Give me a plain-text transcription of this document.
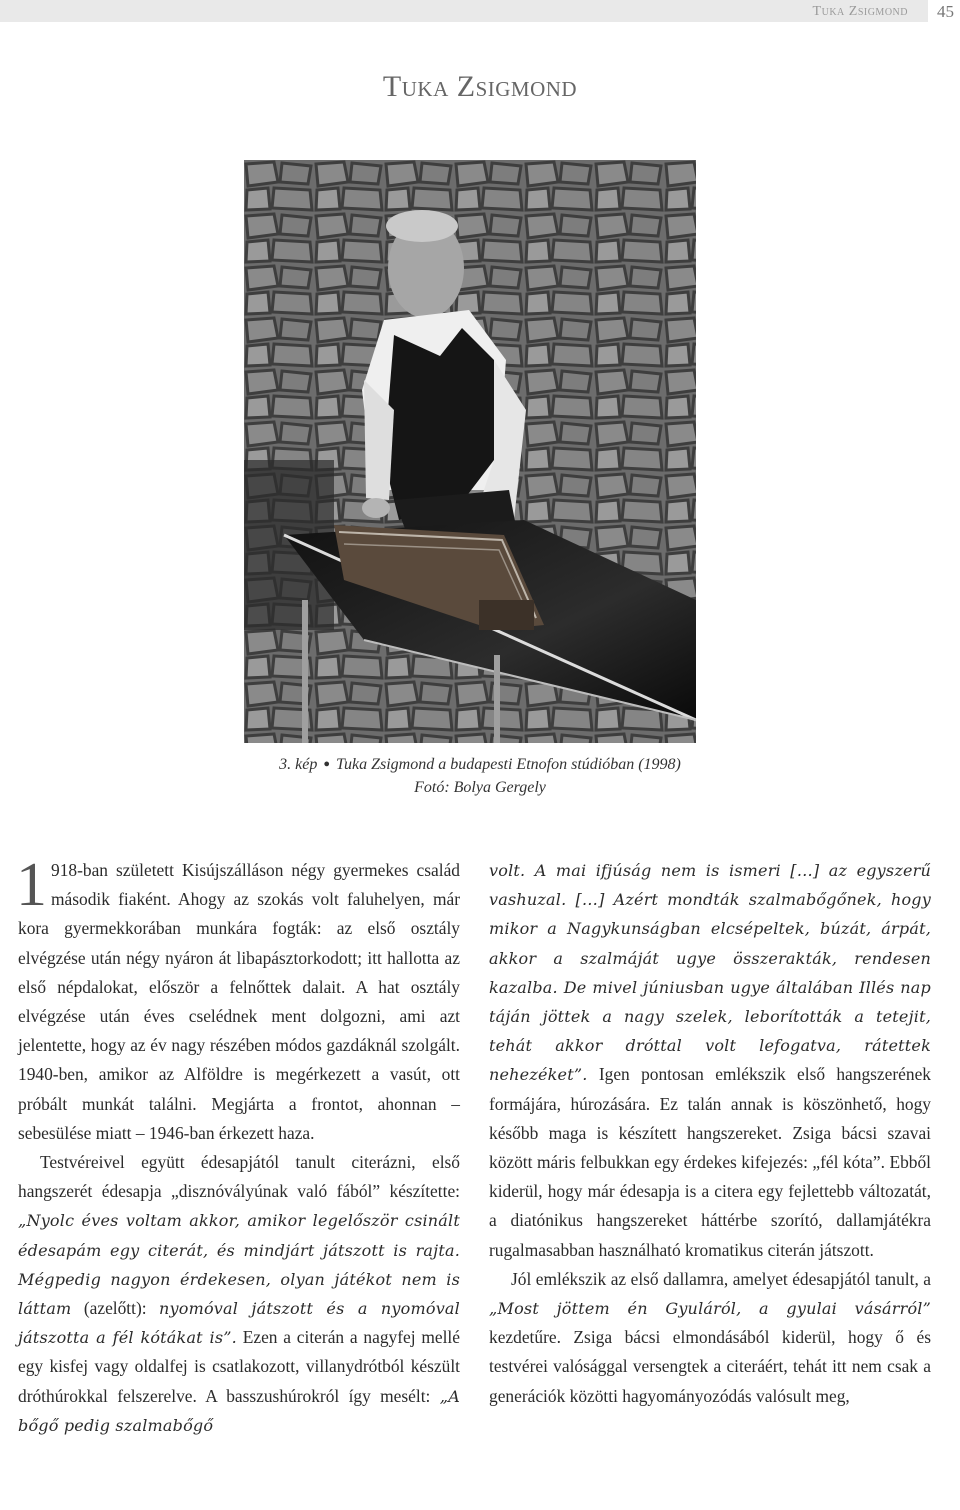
Tuka Zsigmond 45
Tuka Zsigmond
3. kép ● Tuka Zsigmond a budapesti Etnofon stúdióban (1998)
Fotó: Bolya Gergely

1 918-ban született Kisújszálláson négy gyermekes család második fiaként. Ahogy az szokás volt faluhelyen, már kora gyermekkorában munkára fogták: az első osztály elvégzése után négy nyáron át libapásztorkodott; itt hallotta az első népdalokat, először a felnőttek dalait. A hat osztály elvégzése után éves cselédnek ment dolgozni, ami azt jelentette, hogy az év nagy részében módos gazdáknál szolgált. 1940-ben, amikor az Alföldre is megérkezett a vasút, ott próbált munkát találni. Megjárta a frontot, ahonnan – sebesülése miatt – 1946-ban érkezett haza.

Testvéreivel együtt édesapjától tanult citerázni, első hangszerét édesapja „disznóvályúnak való fából” készítette: „Nyolc éves voltam akkor, amikor legelőször csinált édesapám egy citerát, és mindjárt játszott is rajta. Mégpedig nagyon érdekesen, olyan játékot nem is láttam (azelőtt): nyomóval játszott és a nyomóval játszotta a fél kótákat is”. Ezen a citerán a nagyfej mellé egy kisfej vagy oldalfej is csatlakozott, villanydrótból készült dróthúrokkal felszerelve. A basszushúrokról így mesélt: „A bőgő pedig szalmabőgő

volt. A mai ifjúság nem is ismeri […] az egyszerű vashuzal. […] Azért mondták szalmabőgőnek, hogy mikor a Nagykunságban elcsépeltek, búzát, árpát, akkor a szalmáját ugye összerakták, rendesen kazalba. De mivel júniusban ugye általában Illés nap táján jöttek a nagy szelek, leborították a tetejit, tehát akkor dróttal volt lefogatva, rátettek nehezéket”. Igen pontosan emlékszik első hangszerének formájára, húrozására. Ez talán annak is köszönhető, hogy később maga is készített hangszereket. Zsiga bácsi szavai között máris felbukkan egy érdekes kifejezés: „fél kóta”. Ebből kiderül, hogy már édesapja is a citera egy fejlettebb változatát, a diatónikus hangszereket háttérbe szorító, dallamjátékra rugalmasabban használható kromatikus citerán játszott.

Jól emlékszik az első dallamra, amelyet édesapjától tanult, a „Most jöttem én Gyuláról, a gyulai vásárról” kezdetűre. Zsiga bácsi elmondásából kiderül, hogy ő és testvérei valósággal versengtek a citeráért, tehát itt nem csak a generációk közötti hagyományozódás valósult meg,
